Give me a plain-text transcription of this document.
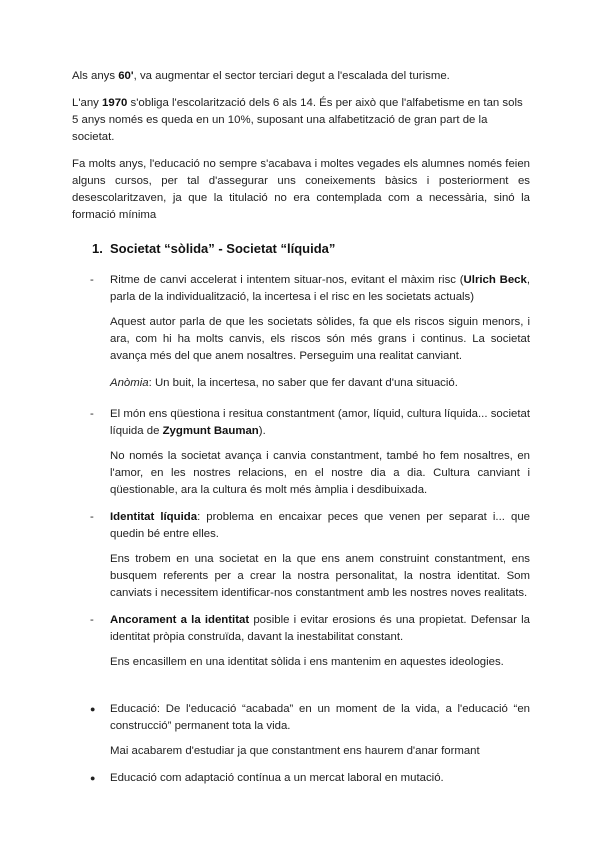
Als anys 60', va augmentar el sector terciari degut a l'escalada del turisme.

L'any 1970 s'obliga l'escolarització dels 6 als 14. És per això que l'alfabetisme en tan sols 5 anys només es queda en un 10%, suposant una alfabetització de gran part de la societat.

Fa molts anys, l'educació no sempre s'acabava i moltes vegades els alumnes només feien alguns cursos, per tal d'assegurar uns coneixements bàsics i posteriorment es desescolaritzaven, ja que la titulació no era contemplada com a necessària, sinó la formació mínima

1. Societat “sòlida” - Societat “líquida”
-	Ritme de canvi accelerat i intentem situar-nos, evitant el màxim risc (Ulrich Beck, parla de la individualització, la incertesa i el risc en les societats actuals)

Aquest autor parla de que les societats sòlides, fa que els riscos siguin menors, i ara, com hi ha molts canvis, els riscos són més grans i continus. La societat avança més del que anem nosaltres. Perseguim una realitat canviant.

Anòmia: Un buit, la incertesa, no saber que fer davant d'una situació.

-	El món ens qüestiona i resitua constantment (amor, líquid, cultura líquida... societat líquida de Zygmunt Bauman).

No només la societat avança i canvia constantment, també ho fem nosaltres, en l'amor, en les nostres relacions, en el nostre dia a dia. Cultura canviant i qüestionable, ara la cultura és molt més àmplia i desdibuixada.

-	Identitat líquida: problema en encaixar peces que venen per separat i... que quedin bé entre elles.

Ens trobem en una societat en la que ens anem construint constantment, ens busquem referents per a crear la nostra personalitat, la nostra identitat. Som canviats i necessitem identificar-nos constantment amb les nostres noves realitats.

-	Ancorament a la identitat posible i evitar erosions és una propietat. Defensar la identitat pròpia construïda, davant la inestabilitat constant.

Ens encasillem en una identitat sòlida i ens mantenim en aquestes ideologies.

●	Educació: De l'educació “acabada” en un moment de la vida, a l'educació “en construcció” permanent tota la vida.

Mai acabarem d'estudiar ja que constantment ens haurem d'anar formant

●	Educació com adaptació contínua a un mercat laboral en mutació.
